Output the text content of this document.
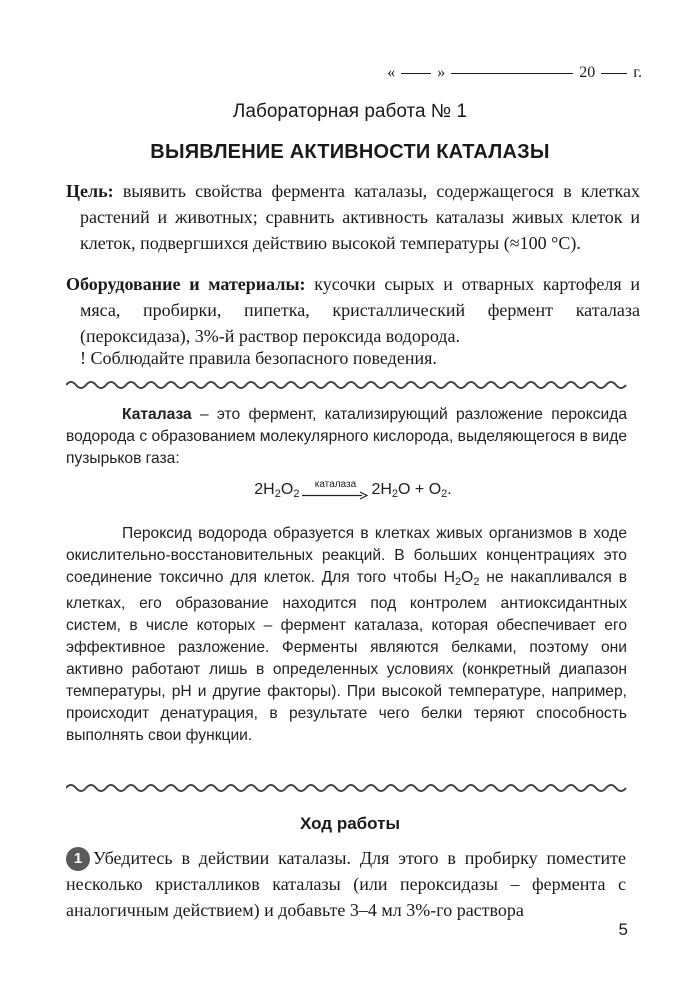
«	»	20 г.
Лабораторная работа № 1
ВЫЯВЛЕНИЕ АКТИВНОСТИ КАТАЛАЗЫ
Цель: выявить свойства фермента каталазы, содержащегося в клетках растений и животных; сравнить активность каталазы живых клеток и клеток, подвергшихся действию высокой температуры (≈100 °С).
Оборудование и материалы: кусочки сырых и отварных картофеля и мяса, пробирки, пипетка, кристаллический фермент каталаза (пероксидаза), 3%-й раствор пероксида водорода.
! Соблюдайте правила безопасного поведения.
Каталаза – это фермент, катализирующий разложение пероксида водорода с образованием молекулярного кислорода, выделяющегося в виде пузырьков газа:
$2H_2O_2$
каталаза $2H_2O + O_2$.
Пероксид водорода образуется в клетках живых организмов в ходе окислительно-восстановительных реакций. В больших концентрациях это соединение токсично для клеток. Для того чтобы $H_2O_2$ не накапливался в клетках, его образование находится под контролем антиоксидантных систем, в числе которых – фермент каталаза, которая обеспечивает его эффективное разложение. Ферменты являются белками, поэтому они активно работают лишь в определенных условиях (конкретный диапазон температуры, pH и другие факторы). При высокой температуре, например, происходит денатурация, в результате чего белки теряют способность выполнять свои функции.
Ход работы
1 Убедитесь в действии каталазы. Для этого в пробирку поместите несколько кристалликов каталазы (или пероксидазы – фермента с аналогичным действием) и добавьте 3–4 мл 3%-го раствора
5
